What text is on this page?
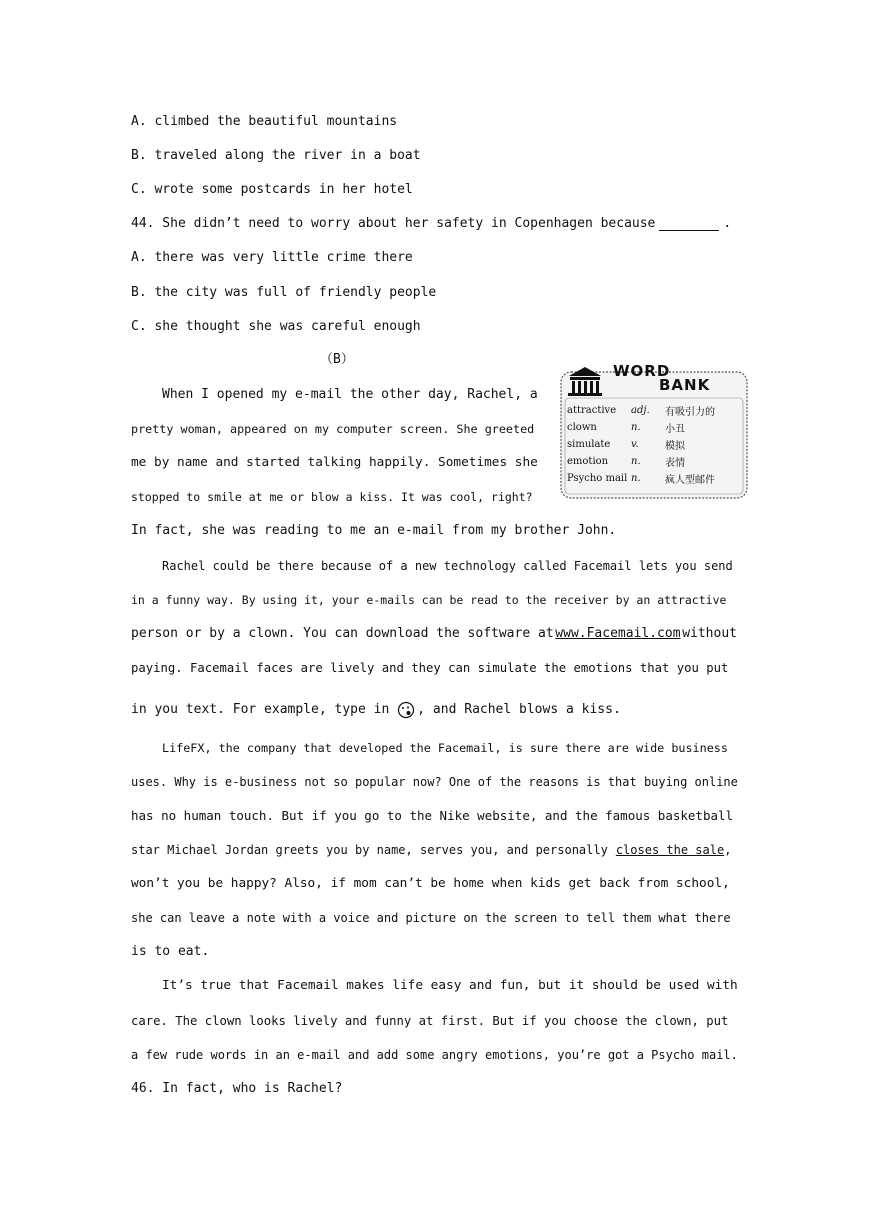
A. climbed the beautiful mountains
B. traveled along the river in a boat
C. wrote some postcards in her hotel
44. She didn’t need to worry about her safety in Copenhagen because	.
A. there was very little crime there
B. the city was full of friendly people
C. she thought she was careful enough
（B）
WORD
BANK
attractive	adj.	有吸引力的
clown	n.	小丑
simulate	v.	模拟
emotion	n.	表情
Psycho mail n.	疯人型邮件
When I opened my e-mail the other day, Rachel, a
pretty woman, appeared on my computer screen. She greeted
me by name and started talking happily. Sometimes she
stopped to smile at me or blow a kiss. It was cool, right?
In fact, she was reading to me an e-mail from my brother John.
Rachel could be there because of a new technology called Facemail lets you send
in a funny way. By using it, your e-mails can be read to the receiver by an attractive
person or by a clown. You can download the software at www.Facemail.com without
paying. Facemail faces are lively and they can simulate the emotions that you put
in you text. For example, type in , and Rachel blows a kiss.
LifeFX, the company that developed the Facemail, is sure there are wide business
uses. Why is e-business not so popular now? One of the reasons is that buying online
has no human touch. But if you go to the Nike website, and the famous basketball
star Michael Jordan greets you by name, serves you, and personally closes the sale ,
won’t you be happy? Also, if mom can’t be home when kids get back from school,
she can leave a note with a voice and picture on the screen to tell them what there
is to eat.
It’s true that Facemail makes life easy and fun, but it should be used with
care. The clown looks lively and funny at first. But if you choose the clown, put
a few rude words in an e-mail and add some angry emotions, you’re got a Psycho mail.
46. In fact, who is Rachel?
